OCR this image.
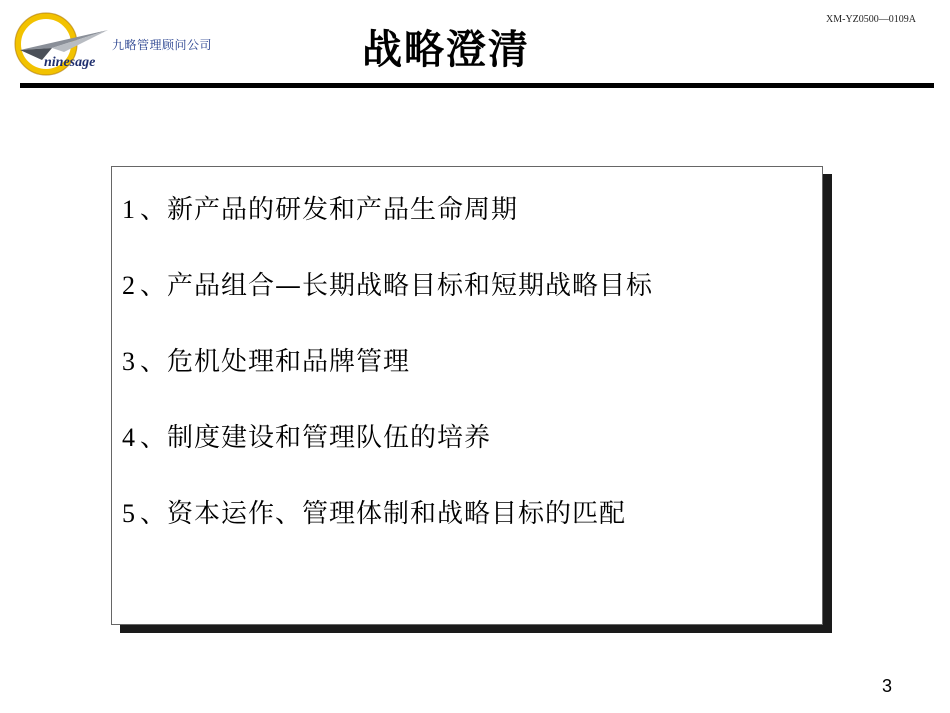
九略管理顾问公司
ninesage	战略澄清
XM-YZ0500—0109A
1 、新产品的研发和产品生命周期
2 、产品组合—长期战略目标和短期战略目标
3 、危机处理和品牌管理
4 、制度建设和管理队伍的培养
5 、资本运作、管理体制和战略目标的匹配
3
